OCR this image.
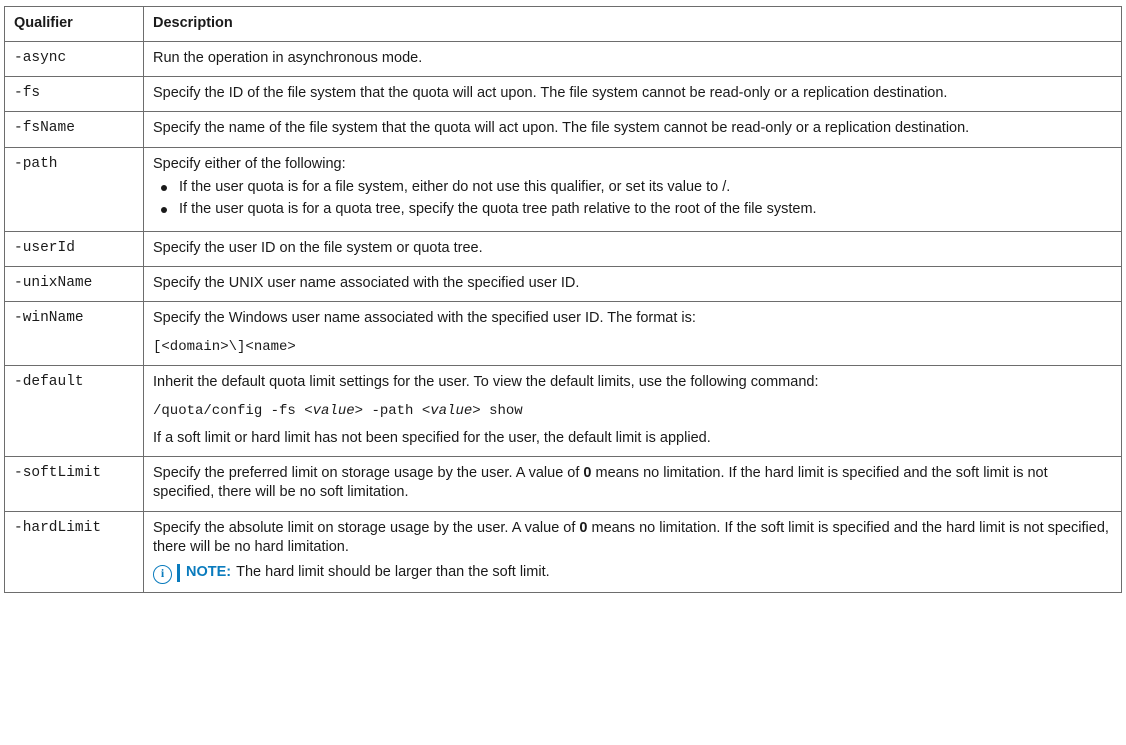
Qualifier	Description
-async	Run the operation in asynchronous mode.

-fs	Specify the ID of the file system that the quota will act upon. The file system cannot be read-only or a replication destination.

-fsName	Specify the name of the file system that the quota will act upon. The file system cannot be read-only or a replication destination.

-path	Specify either of the following:

If the user quota is for a file system, either do not use this qualifier, or set its value to /.
If the user quota is for a quota tree, specify the quota tree path relative to the root of the file system.

-userId	Specify the user ID on the file system or quota tree.

-unixName	Specify the UNIX user name associated with the specified user ID.

-winName	Specify the Windows user name associated with the specified user ID. The format is:

[<domain>\]<name>

-default	Inherit the default quota limit settings for the user. To view the default limits, use the following command:

/quota/config -fs <value> -path <value> show

If a soft limit or hard limit has not been specified for the user, the default limit is applied.

-softLimit	Specify the preferred limit on storage usage by the user. A value of 0 means no limitation. If the hard limit is specified and the soft limit is not specified, there will be no soft limitation.

-hardLimit	Specify the absolute limit on storage usage by the user. A value of 0 means no limitation. If the soft limit is specified and the hard limit is not specified, there will be no hard limitation.

i NOTE: The hard limit should be larger than the soft limit.
